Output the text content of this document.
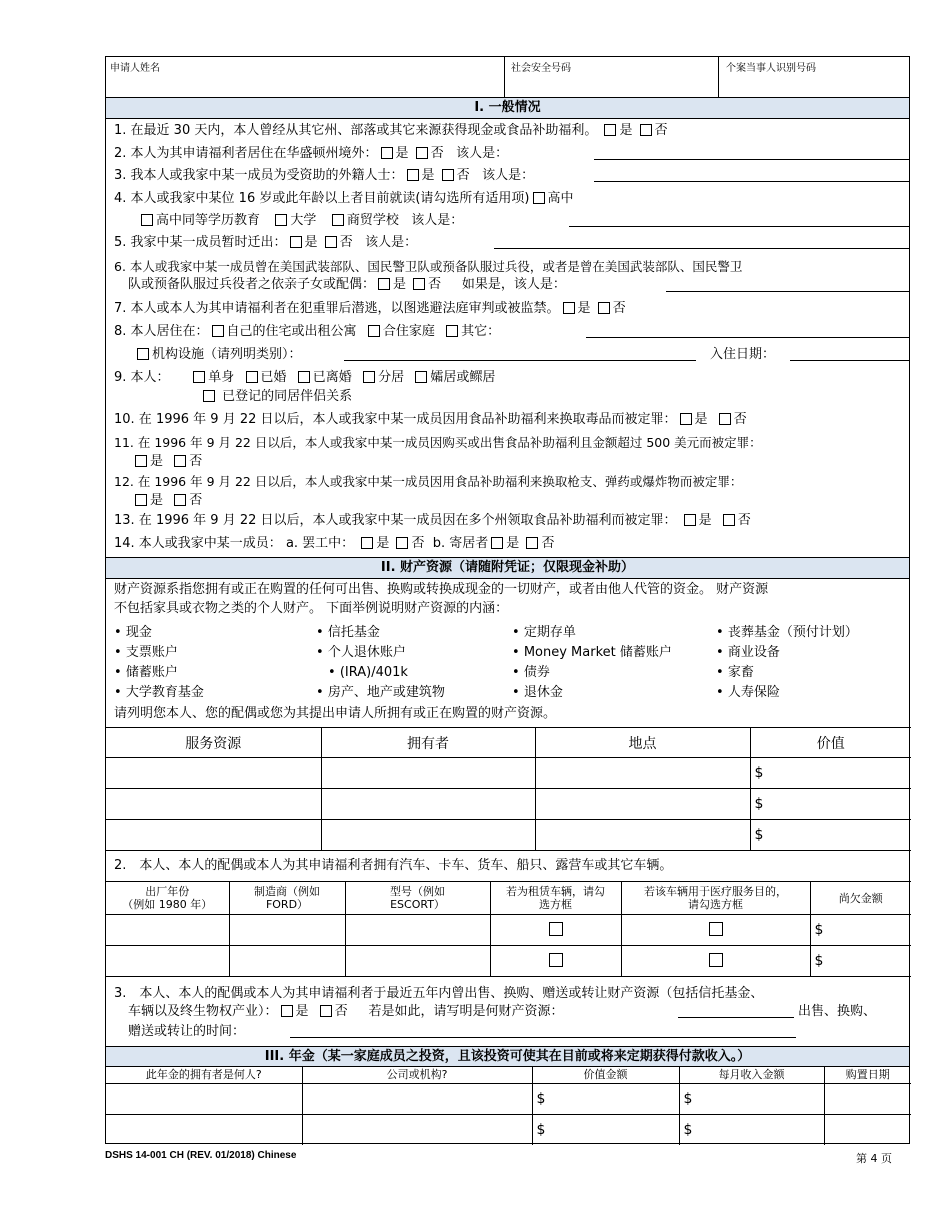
申请人姓名	社会安全号码	个案当事人识别号码
I. 一般情况
1. 在最近 30 天内，本人曾经从其它州、部落或其它来源获得现金或食品补助福利。 是 否
2. 本人为其申请福利者居住在华盛顿州境外： 是 否 该人是：
3. 我本人或我家中某一成员为受资助的外籍人士： 是 否 该人是：
4. 本人或我家中某位 16 岁或此年龄以上者目前就读(请勾选所有适用项) 高中
高中同等学历教育 大学 商贸学校 该人是：
5. 我家中某一成员暂时迁出： 是 否 该人是：
6. 本人或我家中某一成员曾在美国武装部队、国民警卫队或预备队服过兵役，或者是曾在美国武装部队、国民警卫
队或预备队服过兵役者之依亲子女或配偶： 是 否 如果是，该人是：
7. 本人或本人为其申请福利者在犯重罪后潜逃，以图逃避法庭审判或被监禁。 是 否
8. 本人居住在： 自己的住宅或出租公寓 合住家庭 其它：
机构设施（请列明类别）：	入住日期：
9. 本人：	单身 已婚 已离婚 分居 孀居或鳏居
已登记的同居伴侣关系
10. 在 1996 年 9 月 22 日以后，本人或我家中某一成员因用食品补助福利来换取毒品而被定罪： 是 否
11. 在 1996 年 9 月 22 日以后，本人或我家中某一成员因购买或出售食品补助福利且金额超过 500 美元而被定罪：
是 否
12. 在 1996 年 9 月 22 日以后，本人或我家中某一成员因用食品补助福利来换取枪支、弹药或爆炸物而被定罪：
是 否
13. 在 1996 年 9 月 22 日以后，本人或我家中某一成员因在多个州领取食品补助福利而被定罪： 是 否
14. 本人或我家中某一成员： a. 罢工中： 是 否 b. 寄居者 是 否
II. 财产资源（请随附凭证；仅限现金补助）
财产资源系指您拥有或正在购置的任何可出售、换购或转换成现金的一切财产，或者由他人代管的资金。 财产资源
不包括家具或衣物之类的个人财产。 下面举例说明财产资源的内涵：
• 现金
• 支票账户
• 储蓄账户
• 大学教育基金
• 信托基金
• 个人退休账户
• (IRA)/401k
• 房产、地产或建筑物
• 定期存单
• Money Market 储蓄账户
• 债券
• 退休金
• 丧葬基金（预付计划）
• 商业设备
• 家畜
• 人寿保险
请列明您本人、您的配偶或您为其提出申请人所拥有或正在购置的财产资源。
服务资源	拥有者	地点	价值
			$
			$
			$
2.　本人、本人的配偶或本人为其申请福利者拥有汽车、卡车、货车、船只、露营车或其它车辆。
出厂年份
（例如 1980 年）	制造商（例如
FORD）	型号（例如
ESCORT）	若为租赁车辆，请勾
选方框	若该车辆用于医疗服务目的，
请勾选方框	尚欠金额
					$
					$
3.　本人、本人的配偶或本人为其申请福利者于最近五年内曾出售、换购、赠送或转让财产资源（包括信托基金、
车辆以及终生物权产业）： 是 否 若是如此，请写明是何财产资源：	出售、换购、
赠送或转让的时间：
III. 年金（某一家庭成员之投资，且该投资可使其在目前或将来定期获得付款收入。）
此年金的拥有者是何人?	公司或机构?	价值金额	每月收入金额	购置日期
		$	$	
		$	$	
DSHS 14-001 CH (REV. 01/2018) Chinese	第 4 页
